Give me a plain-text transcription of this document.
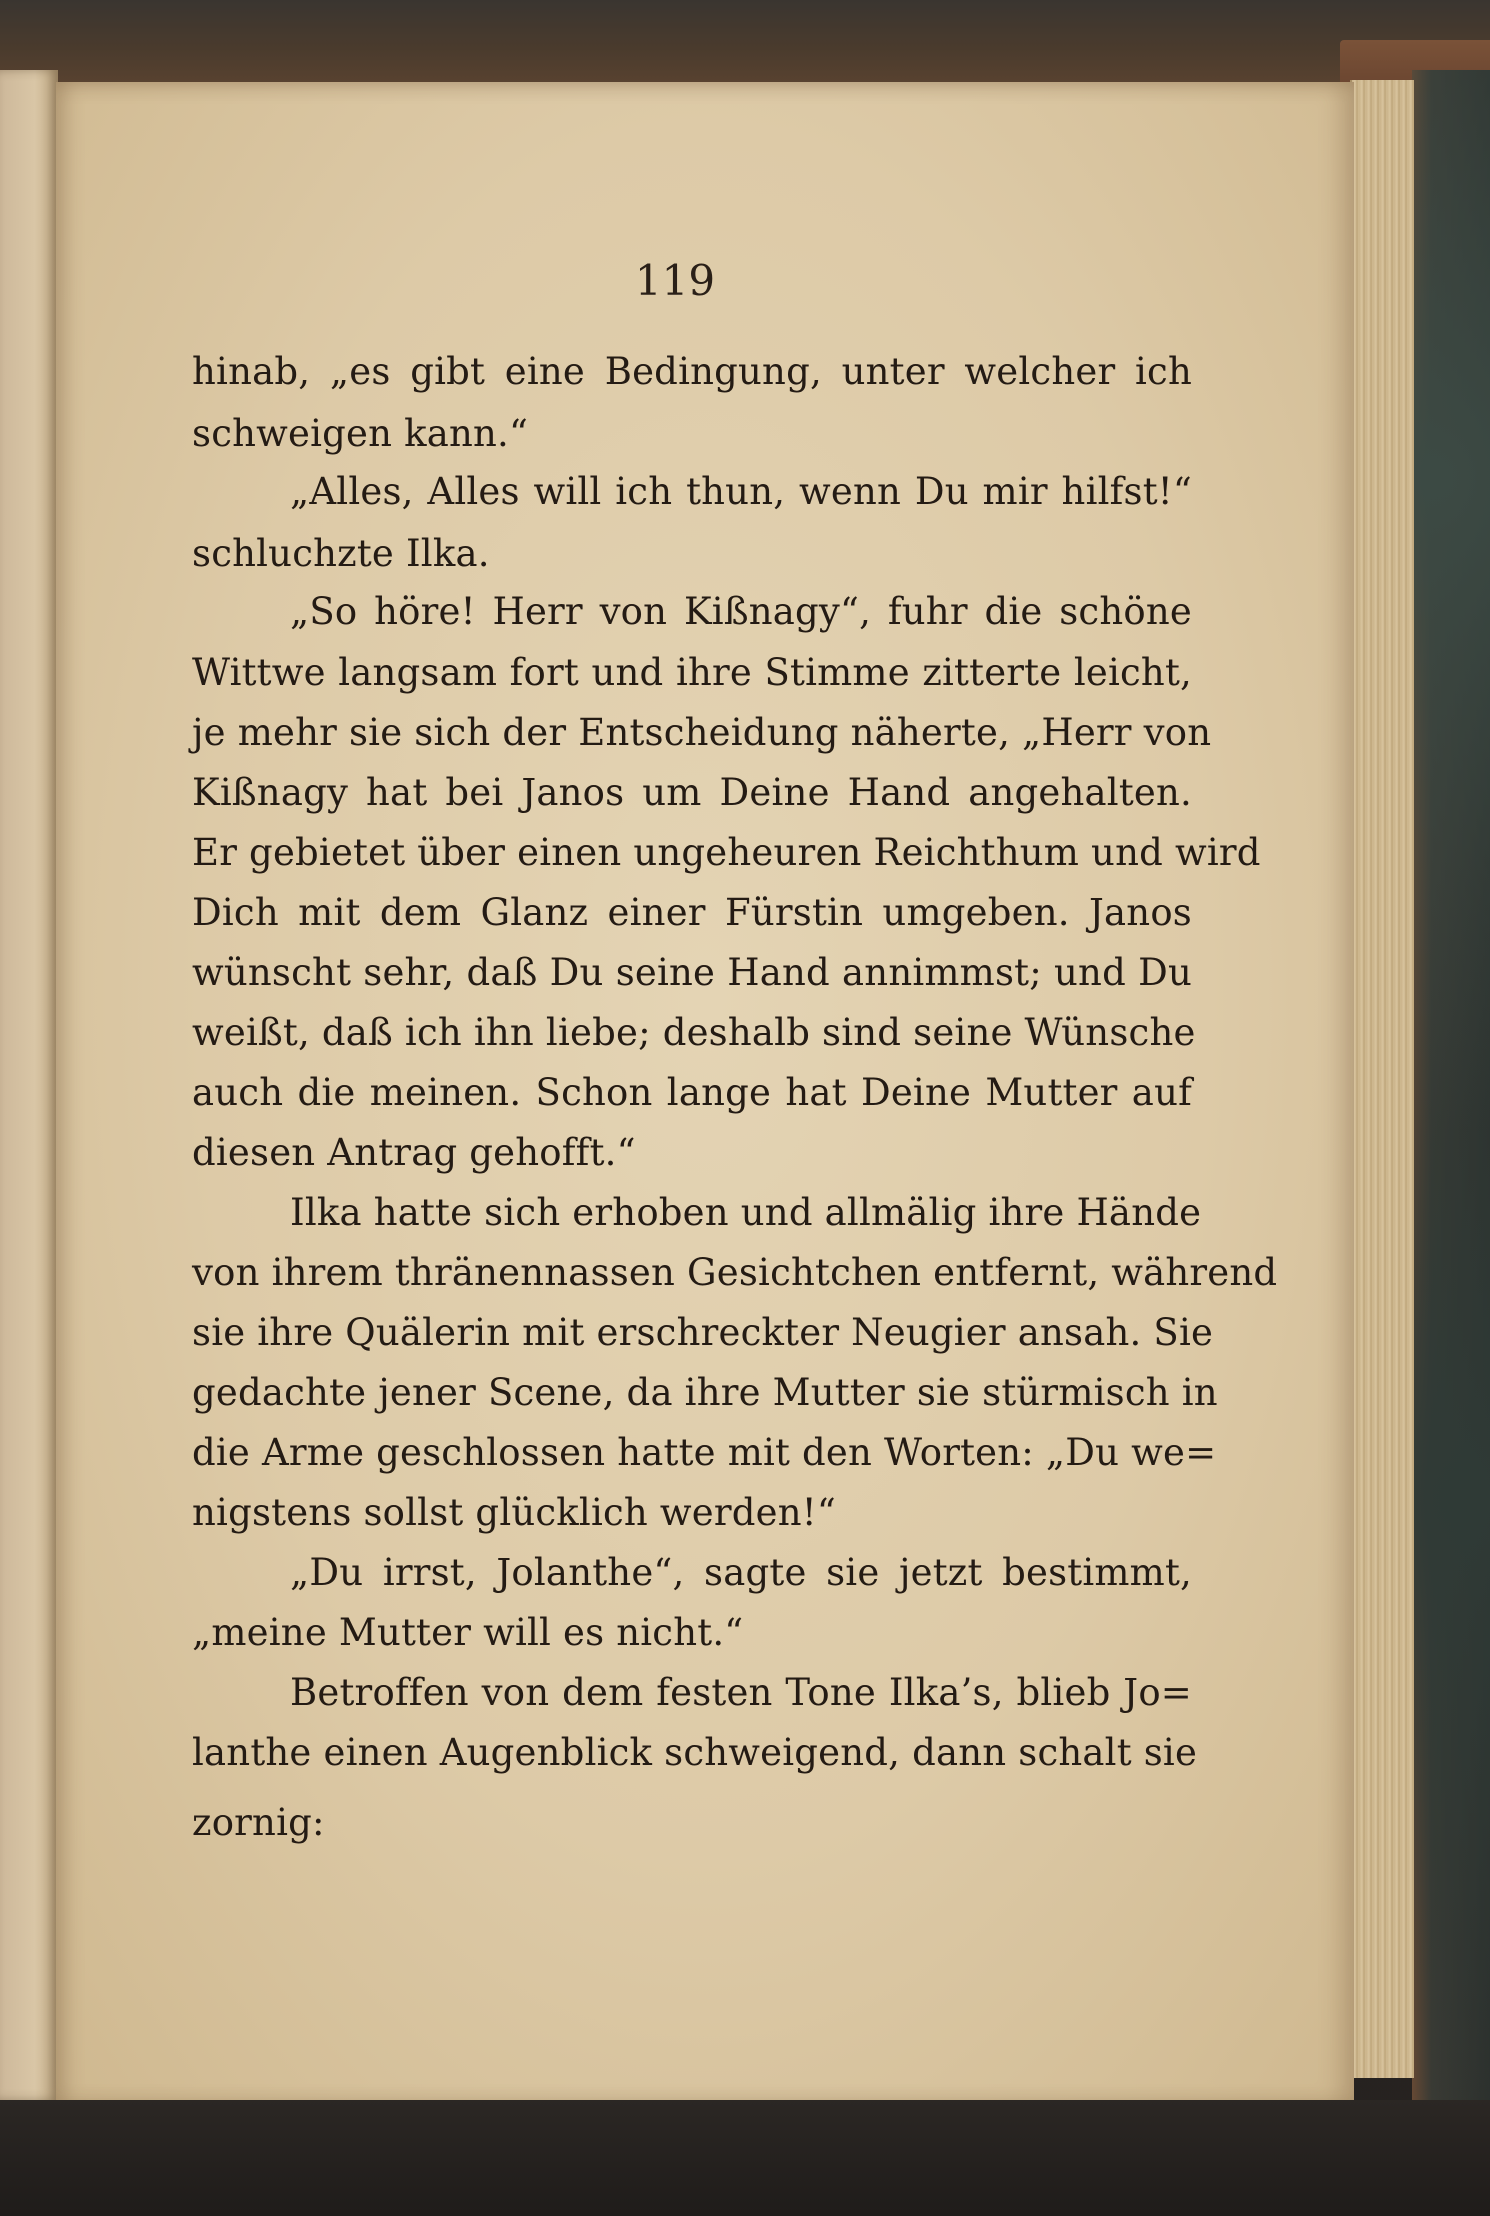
119
hinab, „es gibt eine Bedingung, unter welcher ich
schweigen kann.“
„Alles, Alles will ich thun, wenn Du mir hilfst!“
schluchzte Ilka.
„So höre! Herr von Kißnagy“, fuhr die schöne
Wittwe langsam fort und ihre Stimme zitterte leicht,
je mehr sie sich der Entscheidung näherte, „Herr von
Kißnagy hat bei Janos um Deine Hand angehalten.
Er gebietet über einen ungeheuren Reichthum und wird
Dich mit dem Glanz einer Fürstin umgeben. Janos
wünscht sehr, daß Du seine Hand annimmst; und Du
weißt, daß ich ihn liebe; deshalb sind seine Wünsche
auch die meinen. Schon lange hat Deine Mutter auf
diesen Antrag gehofft.“
Ilka hatte sich erhoben und allmälig ihre Hände
von ihrem thränennassen Gesichtchen entfernt, während
sie ihre Quälerin mit erschreckter Neugier ansah. Sie
gedachte jener Scene, da ihre Mutter sie stürmisch in
die Arme geschlossen hatte mit den Worten: „Du we=
nigstens sollst glücklich werden!“
„Du irrst, Jolanthe“, sagte sie jetzt bestimmt,
„meine Mutter will es nicht.“
Betroffen von dem festen Tone Ilka’s, blieb Jo=
lanthe einen Augenblick schweigend, dann schalt sie
zornig:
